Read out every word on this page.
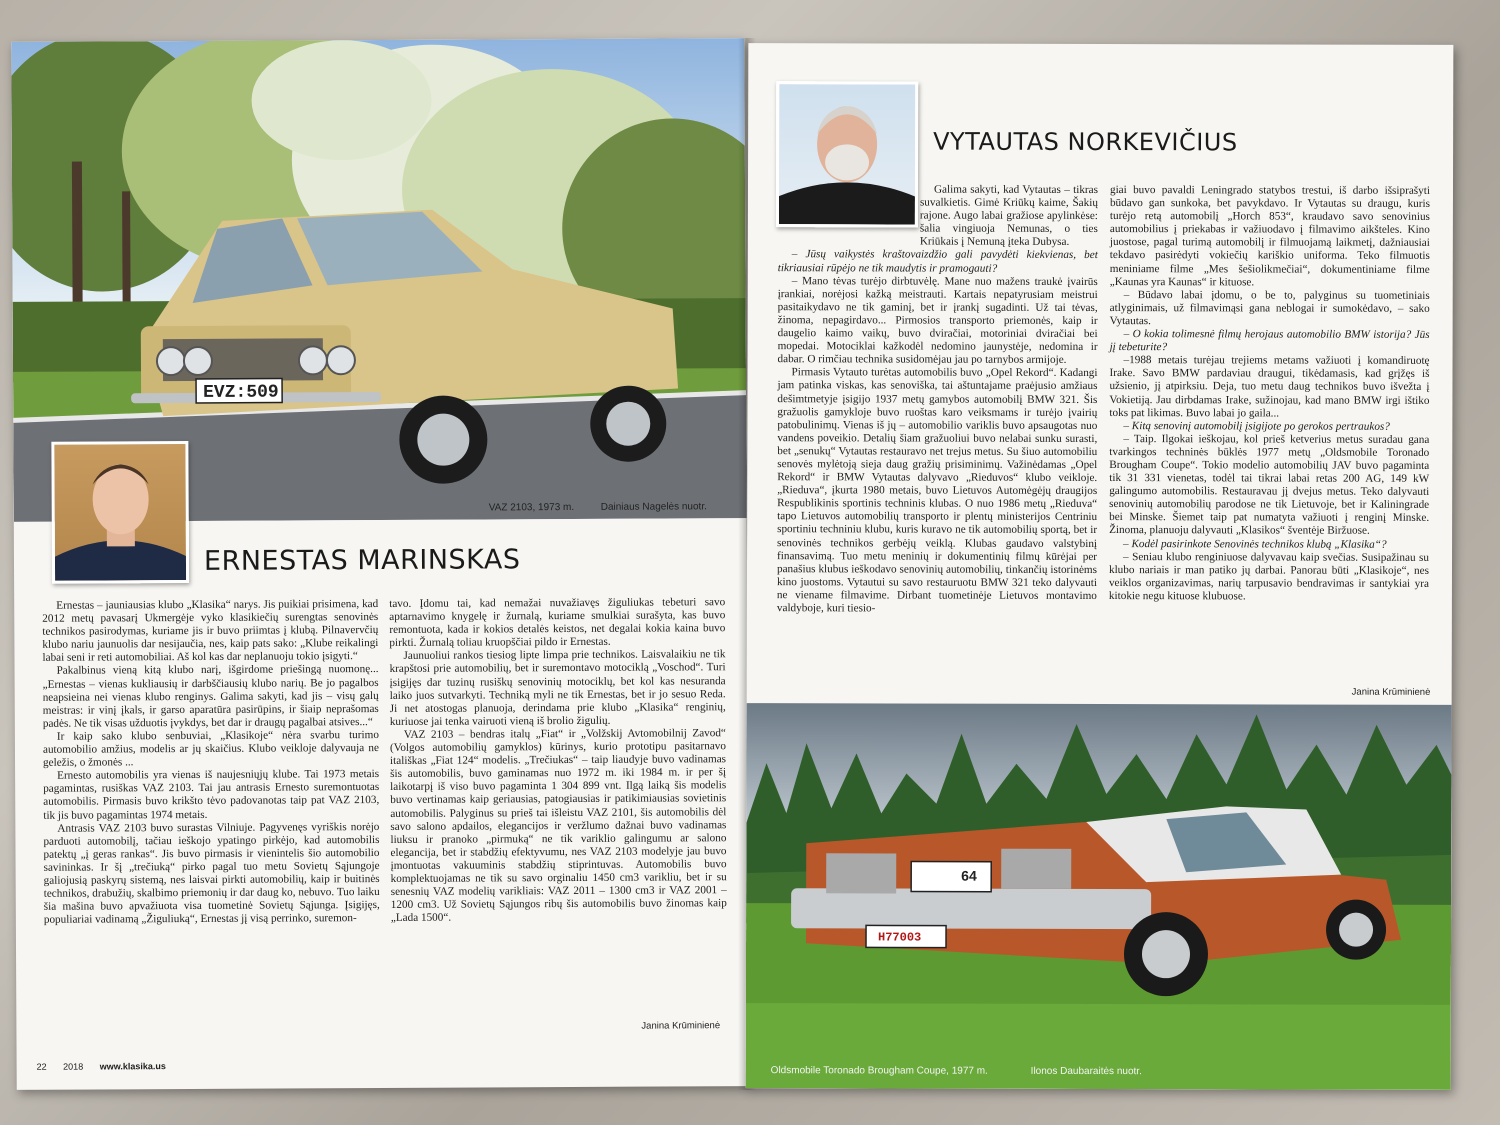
EVZ:509
VAZ 2103, 1973 m.	Dainiaus Nagelės nuotr.
ERNESTAS MARINSKAS

Ernestas – jauniausias klubo „Klasika“ narys. Jis puikiai prisimena, kad 2012 metų pavasarį Ukmergėje vyko klasikiečių surengtas senovinės technikos pasirodymas, kuriame jis ir buvo priimtas į klubą. Pilnavervčių klubo nariu jaunuolis dar nesijaučia, nes, kaip pats sako: „Klube reikalingi labai seni ir reti automobiliai. Aš kol kas dar neplanuoju tokio įsigyti.“

Pakalbinus vieną kitą klubo narį, išgirdome priešingą nuomonę... „Ernestas – vienas kukliausių ir darbščiausių klubo narių. Be jo pagalbos neapsieina nei vienas klubo renginys. Galima sakyti, kad jis – visų galų meistras: ir vinį įkals, ir garso aparatūra pasirūpins, ir šiaip neprašomas padės. Ne tik visas užduotis įvykdys, bet dar ir draugų pagalbai atsives...“

Ir kaip sako klubo senbuviai, „Klasikoje“ nėra svarbu turimo automobilio amžius, modelis ar jų skaičius. Klubo veikloje dalyvauja ne geležis, o žmonės ...

Ernesto automobilis yra vienas iš naujesniųjų klube. Tai 1973 metais pagamintas, rusiškas VAZ 2103. Tai jau antrasis Ernesto suremontuotas automobilis. Pirmasis buvo krikšto tėvo padovanotas taip pat VAZ 2103, tik jis buvo pagamintas 1974 metais.

Antrasis VAZ 2103 buvo surastas Vilniuje. Pagyvenęs vyriškis norėjo parduoti automobilį, tačiau ieškojo ypatingo pirkėjo, kad automobilis patektų „į geras rankas“. Jis buvo pirmasis ir vienintelis šio automobilio savininkas. Ir šį „trečiuką“ pirko pagal tuo metu Sovietų Sąjungoje galiojusią paskyrų sistemą, nes laisvai pirkti automobilių, kaip ir buitinės technikos, drabužių, skalbimo priemonių ir dar daug ko, nebuvo. Tuo laiku šia mašina buvo apvažiuota visa tuometinė Sovietų Sąjunga. Įsigijęs, populiariai vadinamą „Žiguliuką“, Ernestas jį visą perrinko, suremon-

tavo. Įdomu tai, kad nemažai nuvažiavęs žiguliukas tebeturi savo aptarnavimo knygelę ir žurnalą, kuriame smulkiai surašyta, kas buvo remontuota, kada ir kokios detalės keistos, net degalai kokia kaina buvo pirkti. Žurnalą toliau kruopščiai pildo ir Ernestas.

Jaunuoliui rankos tiesiog lipte limpa prie technikos. Laisvalaikiu ne tik krapštosi prie automobilių, bet ir suremontavo motociklą „Voschod“. Turi įsigijęs dar tuzinų rusiškų senovinių motociklų, bet kol kas nesuranda laiko juos sutvarkyti. Techniką myli ne tik Ernestas, bet ir jo sesuo Reda. Ji net atostogas planuoja, derindama prie klubo „Klasika“ renginių, kuriuose jai tenka vairuoti vieną iš brolio žigulių.

VAZ 2103 – bendras italų „Fiat“ ir „Volžskij Avtomobilnij Zavod“ (Volgos automobilių gamyklos) kūrinys, kurio prototipu pasitarnavo itališkas „Fiat 124“ modelis. „Trečiukas“ – taip liaudyje buvo vadinamas šis automobilis, buvo gaminamas nuo 1972 m. iki 1984 m. ir per šį laikotarpį iš viso buvo pagaminta 1 304 899 vnt. Ilgą laiką šis modelis buvo vertinamas kaip geriausias, patogiausias ir patikimiausias sovietinis automobilis. Palyginus su prieš tai išleistu VAZ 2101, šis automobilis dėl savo salono apdailos, elegancijos ir veržlumo dažnai buvo vadinamas liuksu ir pranoko „pirmuką“ ne tik variklio galingumu ar salono elegancija, bet ir stabdžių efektyvumu, nes VAZ 2103 modelyje jau buvo įmontuotas vakuuminis stabdžių stiprintuvas. Automobilis buvo komplektuojamas ne tik su savo orginaliu 1450 cm3 varikliu, bet ir su senesnių VAZ modelių varikliais: VAZ 2011 – 1300 cm3 ir VAZ 2001 – 1200 cm3. Už Sovietų Sąjungos ribų šis automobilis buvo žinomas kaip „Lada 1500“.

Janina Krūminienė
22 2018 www.klasika.us
VYTAUTAS NORKEVIČIUS

Galima sakyti, kad Vytautas – tikras suvalkietis. Gimė Kriūkų kaime, Šakių rajone. Augo labai gražiose apylinkėse: šalia vingiuoja Nemunas, o ties Kriūkais į Nemuną įteka Dubysa.

– Jūsų vaikystės kraštovaizdžio gali pavydėti kiekvienas, bet tikriausiai rūpėjo ne tik maudytis ir pramogauti?

– Mano tėvas turėjo dirbtuvėlę. Mane nuo mažens traukė įvairūs įrankiai, norėjosi kažką meistrauti. Kartais nepatyrusiam meistrui pasitaikydavo ne tik gaminį, bet ir įrankį sugadinti. Už tai tėvas, žinoma, nepagirdavo... Pirmosios transporto priemonės, kaip ir daugelio kaimo vaikų, buvo dviračiai, motoriniai dviračiai bei mopedai. Motociklai kažkodėl nedomino jaunystėje, nedomina ir dabar. O rimčiau technika susidomėjau jau po tarnybos armijoje.

Pirmasis Vytauto turėtas automobilis buvo „Opel Rekord“. Kadangi jam patinka viskas, kas senoviška, tai aštuntajame praėjusio amžiaus dešimtmetyje įsigijo 1937 metų gamybos automobilį BMW 321. Šis gražuolis gamykloje buvo ruoštas karo veiksmams ir turėjo įvairių patobulinimų. Vienas iš jų – automobilio variklis buvo apsaugotas nuo vandens poveikio. Detalių šiam gražuoliui buvo nelabai sunku surasti, bet „senukų“ Vytautas restauravo net trejus metus. Su šiuo automobiliu senovės mylėtoją sieja daug gražių prisiminimų. Važinėdamas „Opel Rekord“ ir BMW Vytautas dalyvavo „Rieduvos“ klubo veikloje. „Rieduva“, įkurta 1980 metais, buvo Lietuvos Automėgėjų draugijos Respublikinis sportinis techninis klubas. O nuo 1986 metų „Rieduva“ tapo Lietuvos automobilių transporto ir plentų ministerijos Centriniu sportiniu techniniu klubu, kuris kuravo ne tik automobilių sportą, bet ir senovinės technikos gerbėjų veiklą. Klubas gaudavo valstybinį finansavimą. Tuo metu meninių ir dokumentinių filmų kūrėjai per panašius klubus ieškodavo senovinių automobilių, tinkančių istorinėms kino juostoms. Vytautui su savo restauruotu BMW 321 teko dalyvauti ne viename filmavime. Dirbant tuometinėje Lietuvos montavimo valdyboje, kuri tiesio-

giai buvo pavaldi Leningrado statybos trestui, iš darbo išsiprašyti būdavo gan sunkoka, bet pavykdavo. Ir Vytautas su draugu, kuris turėjo retą automobilį „Horch 853“, kraudavo savo senovinius automobilius į priekabas ir važiuodavo į filmavimo aikšteles. Kino juostose, pagal turimą automobilį ir filmuojamą laikmetį, dažniausiai tekdavo pasirėdyti vokiečių kariškio uniforma. Teko filmuotis meniniame filme „Mes šešiolikmečiai“, dokumentiniame filme „Kaunas yra Kaunas“ ir kituose.

– Būdavo labai įdomu, o be to, palyginus su tuometiniais atlyginimais, už filmavimąsi gana neblogai ir sumokėdavo, – sako Vytautas.

– O kokia tolimesnė filmų herojaus automobilio BMW istorija? Jūs jį tebeturite?

–1988 metais turėjau trejiems metams važiuoti į komandiruotę Irake. Savo BMW pardaviau draugui, tikėdamasis, kad grįžęs iš užsienio, jį atpirksiu. Deja, tuo metu daug technikos buvo išvežta į Vokietiją. Jau dirbdamas Irake, sužinojau, kad mano BMW irgi ištiko toks pat likimas. Buvo labai jo gaila...

– Kitą senovinį automobilį įsigijote po gerokos pertraukos?

– Taip. Ilgokai ieškojau, kol prieš ketverius metus suradau gana tvarkingos techninės būklės 1977 metų „Oldsmobile Toronado Brougham Coupe“. Tokio modelio automobilių JAV buvo pagaminta tik 31 331 vienetas, todėl tai tikrai labai retas 200 AG, 149 kW galingumo automobilis. Restauravau jį dvejus metus. Teko dalyvauti senovinių automobilių parodose ne tik Lietuvoje, bet ir Kaliningrade bei Minske. Šiemet taip pat numatyta važiuoti į renginį Minske. Žinoma, planuoju dalyvauti „Klasikos“ šventėje Biržuose.

– Kodėl pasirinkote Senovinės technikos klubą „Klasika“?

– Seniau klubo renginiuose dalyvavau kaip svečias. Susipažinau su klubo nariais ir man patiko jų darbai. Panorau būti „Klasikoje“, nes veiklos organizavimas, narių tarpusavio bendravimas ir santykiai yra kitokie negu kituose klubuose.

Janina Krūminienė
64
H77003
Oldsmobile Toronado Brougham Coupe, 1977 m.	Ilonos Daubaraitės nuotr.
